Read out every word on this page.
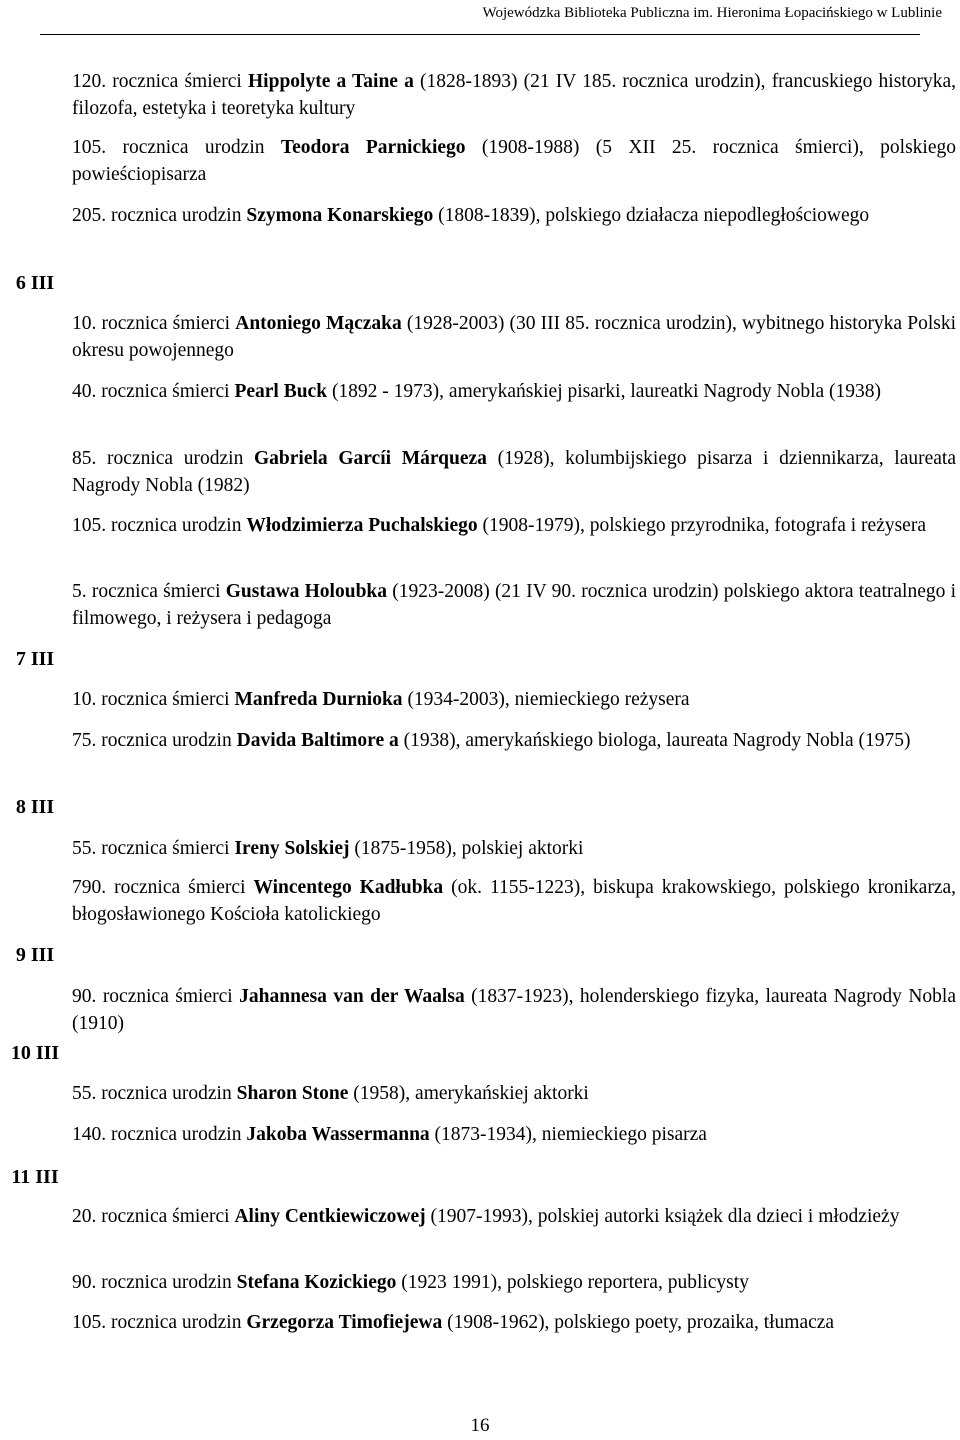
Wojewódzka Biblioteka Publiczna im. Hieronima Łopacińskiego w Lublinie
6 III
7 III
8 III
9 III
10 III
11 III
120. rocznica śmierci Hippolyte a Taine a (1828-1893) (21 IV 185. rocznica urodzin), francuskiego historyka, filozofa, estetyka i teoretyka kultury
105. rocznica urodzin Teodora Parnickiego (1908-1988) (5 XII 25. rocznica śmierci), polskiego powieściopisarza
205. rocznica urodzin Szymona Konarskiego (1808-1839), polskiego działacza niepodległościowego
10. rocznica śmierci Antoniego Mączaka (1928-2003) (30 III 85. rocznica urodzin), wybitnego historyka Polski okresu powojennego
40. rocznica śmierci Pearl Buck (1892 - 1973), amerykańskiej pisarki, laureatki Nagrody Nobla (1938)
85. rocznica urodzin Gabriela Garcíi Márqueza (1928), kolumbijskiego pisarza i dziennikarza, laureata Nagrody Nobla (1982)
105. rocznica urodzin Włodzimierza Puchalskiego (1908-1979), polskiego przyrodnika, fotografa i reżysera
5. rocznica śmierci Gustawa Holoubka (1923-2008) (21 IV 90. rocznica urodzin) polskiego aktora teatralnego i filmowego, i reżysera i pedagoga
10. rocznica śmierci Manfreda Durnioka (1934-2003), niemieckiego reżysera
75. rocznica urodzin Davida Baltimore a (1938), amerykańskiego biologa, laureata Nagrody Nobla (1975)
55. rocznica śmierci Ireny Solskiej (1875-1958), polskiej aktorki
790. rocznica śmierci Wincentego Kadłubka (ok. 1155-1223), biskupa krakowskiego, polskiego kronikarza, błogosławionego Kościoła katolickiego
90. rocznica śmierci Jahannesa van der Waalsa (1837-1923), holenderskiego fizyka, laureata Nagrody Nobla (1910)
55. rocznica urodzin Sharon Stone (1958), amerykańskiej aktorki
140. rocznica urodzin Jakoba Wassermanna (1873-1934), niemieckiego pisarza
20. rocznica śmierci Aliny Centkiewiczowej (1907-1993), polskiej autorki książek dla dzieci i młodzieży
90. rocznica urodzin Stefana Kozickiego (1923 1991), polskiego reportera, publicysty
105. rocznica urodzin Grzegorza Timofiejewa (1908-1962), polskiego poety, prozaika, tłumacza
16
